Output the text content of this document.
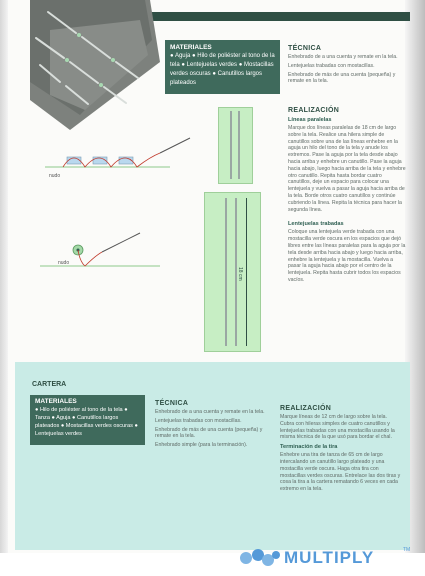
MATERIALES
● Aguja ● Hilo de poliéster al tono de la tela ● Lentejuelas verdes ● Mostacillas verdes oscuras ● Canutillos largos plateados
TÉCNICA

Enhebrado de a una cuenta y remate en la tela.

Lentejuelas trabadas con mostacillas.

Enhebrado de más de una cuenta (pequeña) y remate en la tela.

REALIZACIÓN
Líneas paralelas

Marque dos líneas paralelas de 18 cm de largo sobre la tela. Realice una hilera simple de canutillos sobre una de las líneas enhebre en la aguja un hilo del tono de la tela y anude los extremos. Pase la aguja por la tela desde abajo hacia arriba y enhebre un canutillo. Pase la aguja hacia abajo, luego hacia arriba de la tela y enhebre otro canutillo. Repita hasta bordar cuatro canutillos, deje un espacio para colocar una lentejuela y vuelva a pasar la aguja hacia arriba de la tela. Borde otros cuatro canutillos y continúe cubriendo la línea. Repita la técnica para hacer la segunda línea.

Lentejuelas trabadas

Coloque una lentejuela verde trabada con una mostacilla verde oscura en los espacios que dejó libres entre las líneas paralelas para la aguja por la tela desde arriba hacia abajo y luego hacia arriba, enhebre la lentejuela y la mostacilla. Vuelva a pasar la aguja hacia abajo por el centro de la lentejuela. Repita hasta cubrir todos los espacios vacíos.

nudo
nudo
18 cm
CARTERA
MATERIALES
● Hilo de poliéster al tono de la tela ● Tanza ● Aguja ● Canutillos largos plateados ● Mostacillas verdes oscuras ● Lentejuelas verdes
TÉCNICA

Enhebrado de a una cuenta y remate en la tela.

Lentejuelas trabadas con mostacillas.

Enhebrado de más de una cuenta (pequeña) y remate en la tela.

Enhebrado simple (para la terminación).

REALIZACIÓN

Marque líneas de 12 cm de largo sobre la tela. Cubra con hileras simples de cuatro canutillos y lentejuelas trabadas con una mostacilla usando la misma técnica de la que usó para bordar el chal.

Terminación de la tira

Enhebre una tira de tanza de 65 cm de largo intercalando un canutillo largo plateado y una mostacilla verde oscura. Haga otra tira con mostacillas verdes oscuras. Entrelace las dos tiras y cosa la tira a la cartera rematando 6 veces en cada extremo en la tela.

MULTIPLY	TM
